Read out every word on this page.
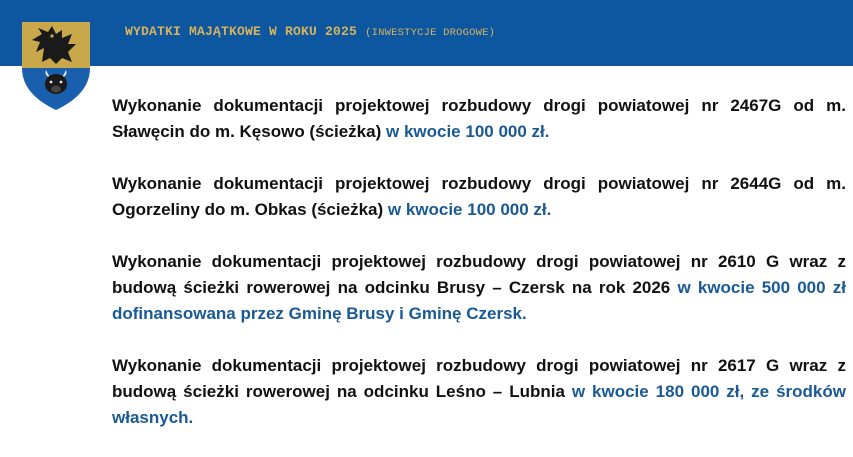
WYDATKI MAJĄTKOWE W ROKU 2025 (INWESTYCJE DROGOWE)

Wykonanie dokumentacji projektowej rozbudowy drogi powiatowej nr 2467G od m. Sławęcin do m. Kęsowo (ścieżka) w kwocie 100 000 zł.

Wykonanie dokumentacji projektowej rozbudowy drogi powiatowej nr 2644G od m. Ogorzeliny do m. Obkas (ścieżka) w kwocie 100 000 zł.

Wykonanie dokumentacji projektowej rozbudowy drogi powiatowej nr 2610 G wraz z budową ścieżki rowerowej na odcinku Brusy – Czersk na rok 2026 w kwocie 500 000 zł dofinansowana przez Gminę Brusy i Gminę Czersk.

Wykonanie dokumentacji projektowej rozbudowy drogi powiatowej nr 2617 G wraz z budową ścieżki rowerowej na odcinku Leśno – Lubnia w kwocie 180 000 zł, ze środków własnych.
